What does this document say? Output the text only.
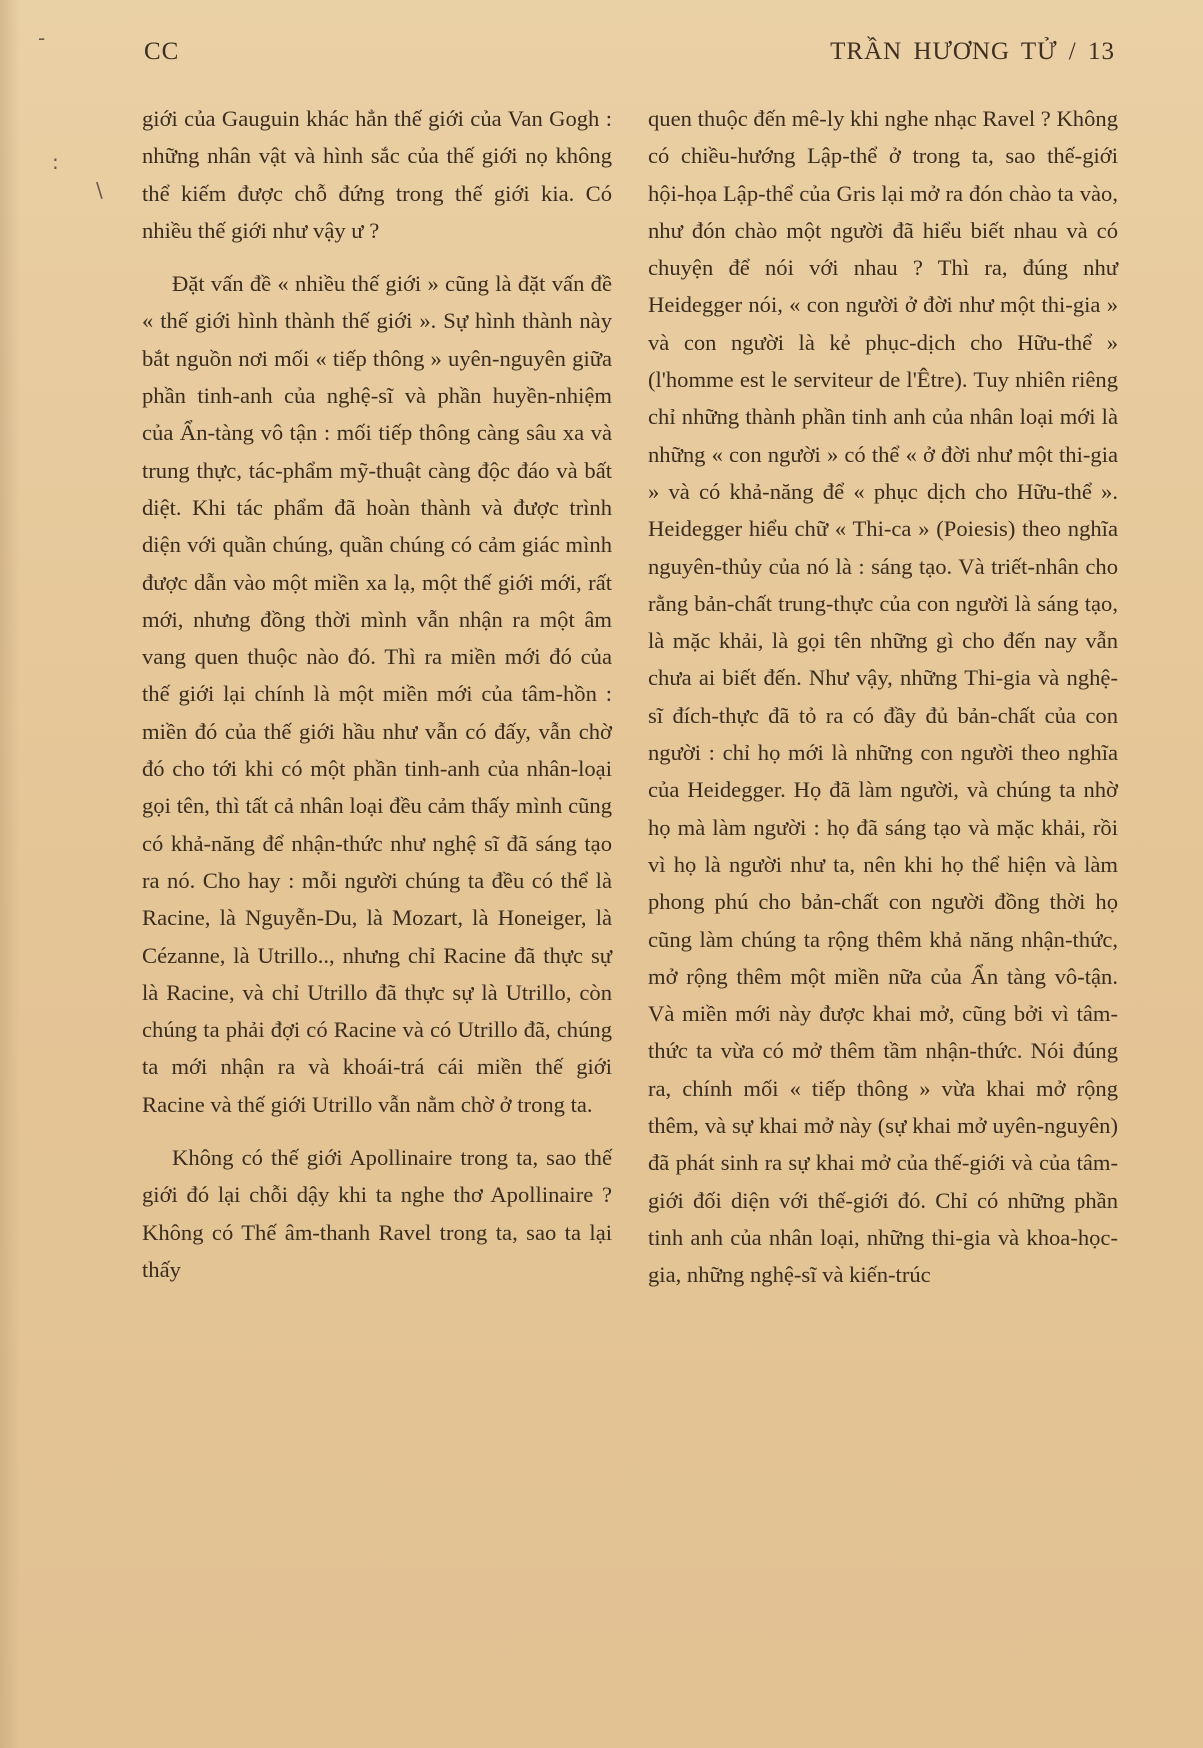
-
:
\
CC	TRẦN HƯƠNG TỬ / 13

giới của Gauguin khác hẳn thế giới của Van Gogh : những nhân vật và hình sắc của thế giới nọ không thể kiếm được chỗ đứng trong thế giới kia. Có nhiều thế giới như vậy ư ?

Đặt vấn đề « nhiều thế giới » cũng là đặt vấn đề « thế giới hình thành thế giới ». Sự hình thành này bắt nguồn nơi mối « tiếp thông » uyên-nguyên giữa phần tinh-anh của nghệ-sĩ và phần huyền-nhiệm của Ẩn-tàng vô tận : mối tiếp thông càng sâu xa và trung thực, tác-phẩm mỹ-thuật càng độc đáo và bất diệt. Khi tác phẩm đã hoàn thành và được trình diện với quần chúng, quần chúng có cảm giác mình được dẫn vào một miền xa lạ, một thế giới mới, rất mới, nhưng đồng thời mình vẫn nhận ra một âm vang quen thuộc nào đó. Thì ra miền mới đó của thế giới lại chính là một miền mới của tâm-hồn : miền đó của thế giới hầu như vẫn có đấy, vẫn chờ đó cho tới khi có một phần tinh-anh của nhân-loại gọi tên, thì tất cả nhân loại đều cảm thấy mình cũng có khả-năng để nhận-thức như nghệ sĩ đã sáng tạo ra nó. Cho hay : mỗi người chúng ta đều có thể là Racine, là Nguyễn-Du, là Mozart, là Honeiger, là Cézanne, là Utrillo.., nhưng chỉ Racine đã thực sự là Racine, và chỉ Utrillo đã thực sự là Utrillo, còn chúng ta phải đợi có Racine và có Utrillo đã, chúng ta mới nhận ra và khoái-trá cái miền thế giới Racine và thế giới Utrillo vẫn nằm chờ ở trong ta.

Không có thế giới Apollinaire trong ta, sao thế giới đó lại chỗi dậy khi ta nghe thơ Apollinaire ? Không có Thế âm-thanh Ravel trong ta, sao ta lại thấy

quen thuộc đến mê-ly khi nghe nhạc Ravel ? Không có chiều-hướng Lập-thể ở trong ta, sao thế-giới hội-họa Lập-thể của Gris lại mở ra đón chào ta vào, như đón chào một người đã hiểu biết nhau và có chuyện để nói với nhau ? Thì ra, đúng như Heidegger nói, « con người ở đời như một thi-gia » và con người là kẻ phục-dịch cho Hữu-thể » (l'homme est le serviteur de l'Être). Tuy nhiên riêng chỉ những thành phần tinh anh của nhân loại mới là những « con người » có thể « ở đời như một thi-gia » và có khả-năng để « phục dịch cho Hữu-thể ». Heidegger hiểu chữ « Thi-ca » (Poiesis) theo nghĩa nguyên-thủy của nó là : sáng tạo. Và triết-nhân cho rằng bản-chất trung-thực của con người là sáng tạo, là mặc khải, là gọi tên những gì cho đến nay vẫn chưa ai biết đến. Như vậy, những Thi-gia và nghệ-sĩ đích-thực đã tỏ ra có đầy đủ bản-chất của con người : chỉ họ mới là những con người theo nghĩa của Heidegger. Họ đã làm người, và chúng ta nhờ họ mà làm người : họ đã sáng tạo và mặc khải, rồi vì họ là người như ta, nên khi họ thể hiện và làm phong phú cho bản-chất con người đồng thời họ cũng làm chúng ta rộng thêm khả năng nhận-thức, mở rộng thêm một miền nữa của Ẩn tàng vô-tận. Và miền mới này được khai mở, cũng bởi vì tâm-thức ta vừa có mở thêm tầm nhận-thức. Nói đúng ra, chính mối « tiếp thông » vừa khai mở rộng thêm, và sự khai mở này (sự khai mở uyên-nguyên) đã phát sinh ra sự khai mở của thế-giới và của tâm-giới đối diện với thế-giới đó. Chỉ có những phần tinh anh của nhân loại, những thi-gia và khoa-học-gia, những nghệ-sĩ và kiến-trúc
